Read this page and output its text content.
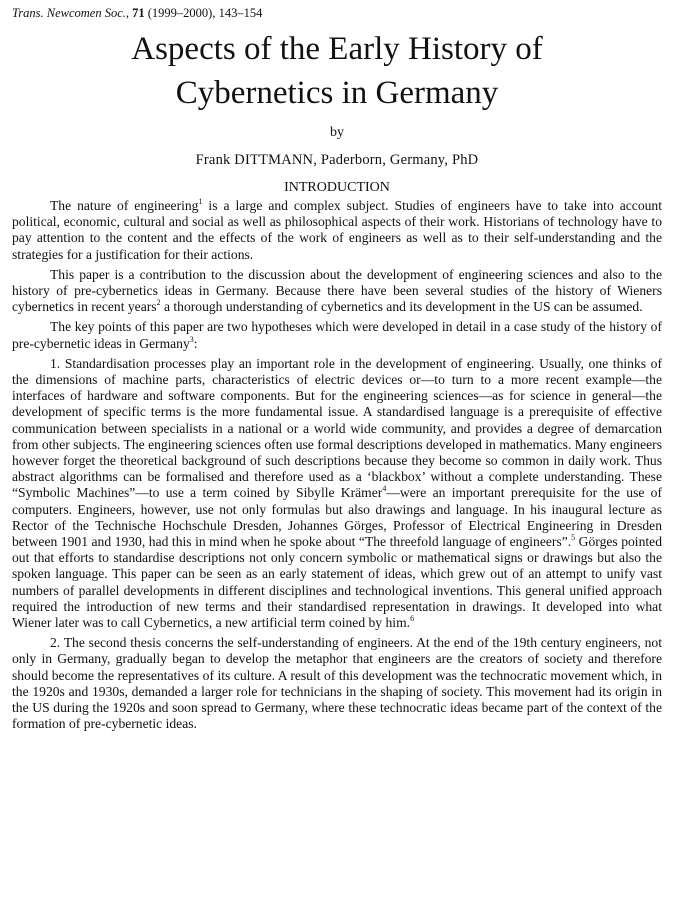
Trans. Newcomen Soc., 71 (1999–2000), 143–154
Aspects of the Early History of
Cybernetics in Germany
by
Frank DITTMANN, Paderborn, Germany, PhD
INTRODUCTION

The nature of engineering$^1$ is a large and complex subject. Studies of engineers have to take into account political, economic, cultural and social as well as philosophical aspects of their work. Historians of technology have to pay attention to the content and the effects of the work of engineers as well as to their self-understanding and the strategies for a justification for their actions.

This paper is a contribution to the discussion about the development of engineering sciences and also to the history of pre-cybernetics ideas in Germany. Because there have been several studies of the history of Wieners cybernetics in recent years$^2$ a thorough understanding of cybernetics and its development in the US can be assumed.

The key points of this paper are two hypotheses which were developed in detail in a case study of the history of pre-cybernetic ideas in Germany$^3$:

1. Standardisation processes play an important role in the development of engineering. Usually, one thinks of the dimensions of machine parts, characteristics of electric devices or—to turn to a more recent example—the interfaces of hardware and software components. But for the engineering sciences—as for science in general—the development of specific terms is the more fundamental issue. A standardised language is a prerequisite of effective communication between specialists in a national or a world wide community, and provides a degree of demarcation from other subjects. The engineering sciences often use formal descriptions developed in mathematics. Many engineers however forget the theoretical background of such descriptions because they become so common in daily work. Thus abstract algorithms can be formalised and therefore used as a ‘blackbox’ without a complete understanding. These “Symbolic Machines”—to use a term coined by Sibylle Krämer$^4$—were an important prerequisite for the use of computers. Engineers, however, use not only formulas but also drawings and language. In his inaugural lecture as Rector of the Technische Hochschule Dresden, Johannes Görges, Professor of Electrical Engineering in Dresden between 1901 and 1930, had this in mind when he spoke about “The threefold language of engineers”.$^5$ Görges pointed out that efforts to standardise descriptions not only concern symbolic or mathematical signs or drawings but also the spoken language. This paper can be seen as an early statement of ideas, which grew out of an attempt to unify vast numbers of parallel developments in different disciplines and technological inventions. This general unified approach required the introduction of new terms and their standardised representation in drawings. It developed into what Wiener later was to call Cybernetics, a new artificial term coined by him.$^6$

2. The second thesis concerns the self-understanding of engineers. At the end of the 19th century engineers, not only in Germany, gradually began to develop the metaphor that engineers are the creators of society and therefore should become the representatives of its culture. A result of this development was the technocratic movement which, in the 1920s and 1930s, demanded a larger role for technicians in the shaping of society. This movement had its origin in the US during the 1920s and soon spread to Germany, where these technocratic ideas became part of the context of the formation of pre-cybernetic ideas.
